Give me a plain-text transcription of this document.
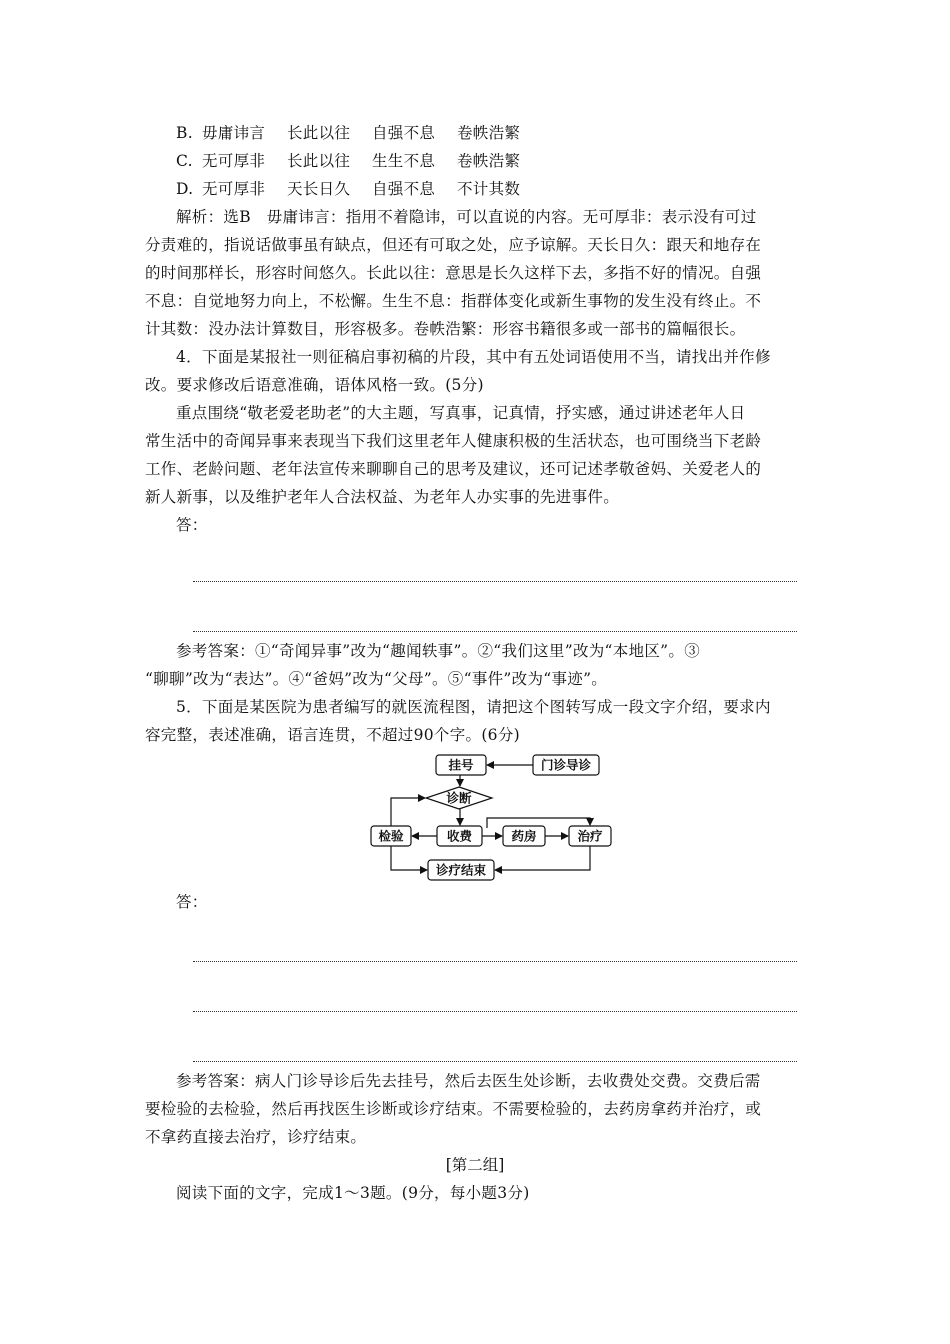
B. 毋庸讳言 长此以往 自强不息 卷帙浩繁
C. 无可厚非 长此以往 生生不息 卷帙浩繁
D. 无可厚非 天长日久 自强不息 不计其数
解析：选B　毋庸讳言：指用不着隐讳，可以直说的内容。无可厚非：表示没有可过
分责难的，指说话做事虽有缺点，但还有可取之处，应予谅解。天长日久：跟天和地存在
的时间那样长，形容时间悠久。长此以往：意思是长久这样下去，多指不好的情况。自强
不息：自觉地努力向上，不松懈。生生不息：指群体变化或新生事物的发生没有终止。不
计其数：没办法计算数目，形容极多。卷帙浩繁：形容书籍很多或一部书的篇幅很长。
4．下面是某报社一则征稿启事初稿的片段，其中有五处词语使用不当，请找出并作修
改。要求修改后语意准确，语体风格一致。(5分)
重点围绕“敬老爱老助老”的大主题，写真事，记真情，抒实感，通过讲述老年人日
常生活中的奇闻异事来表现当下我们这里老年人健康积极的生活状态，也可围绕当下老龄
工作、老龄问题、老年法宣传来聊聊自己的思考及建议，还可记述孝敬爸妈、关爱老人的
新人新事，以及维护老年人合法权益、为老年人办实事的先进事件。
答：
参考答案：①“奇闻异事”改为“趣闻轶事”。②“我们这里”改为“本地区”。③
“聊聊”改为“表达”。④“爸妈”改为“父母”。⑤“事件”改为“事迹”。
5．下面是某医院为患者编写的就医流程图，请把这个图转写成一段文字介绍，要求内
容完整，表述准确，语言连贯，不超过90个字。(6分)
挂号	门诊导诊
诊断
检验	收费	药房	治疗
诊疗结束
答：
参考答案：病人门诊导诊后先去挂号，然后去医生处诊断，去收费处交费。交费后需
要检验的去检验，然后再找医生诊断或诊疗结束。不需要检验的，去药房拿药并治疗，或
不拿药直接去治疗，诊疗结束。
[第二组]
阅读下面的文字，完成1～3题。(9分，每小题3分)
